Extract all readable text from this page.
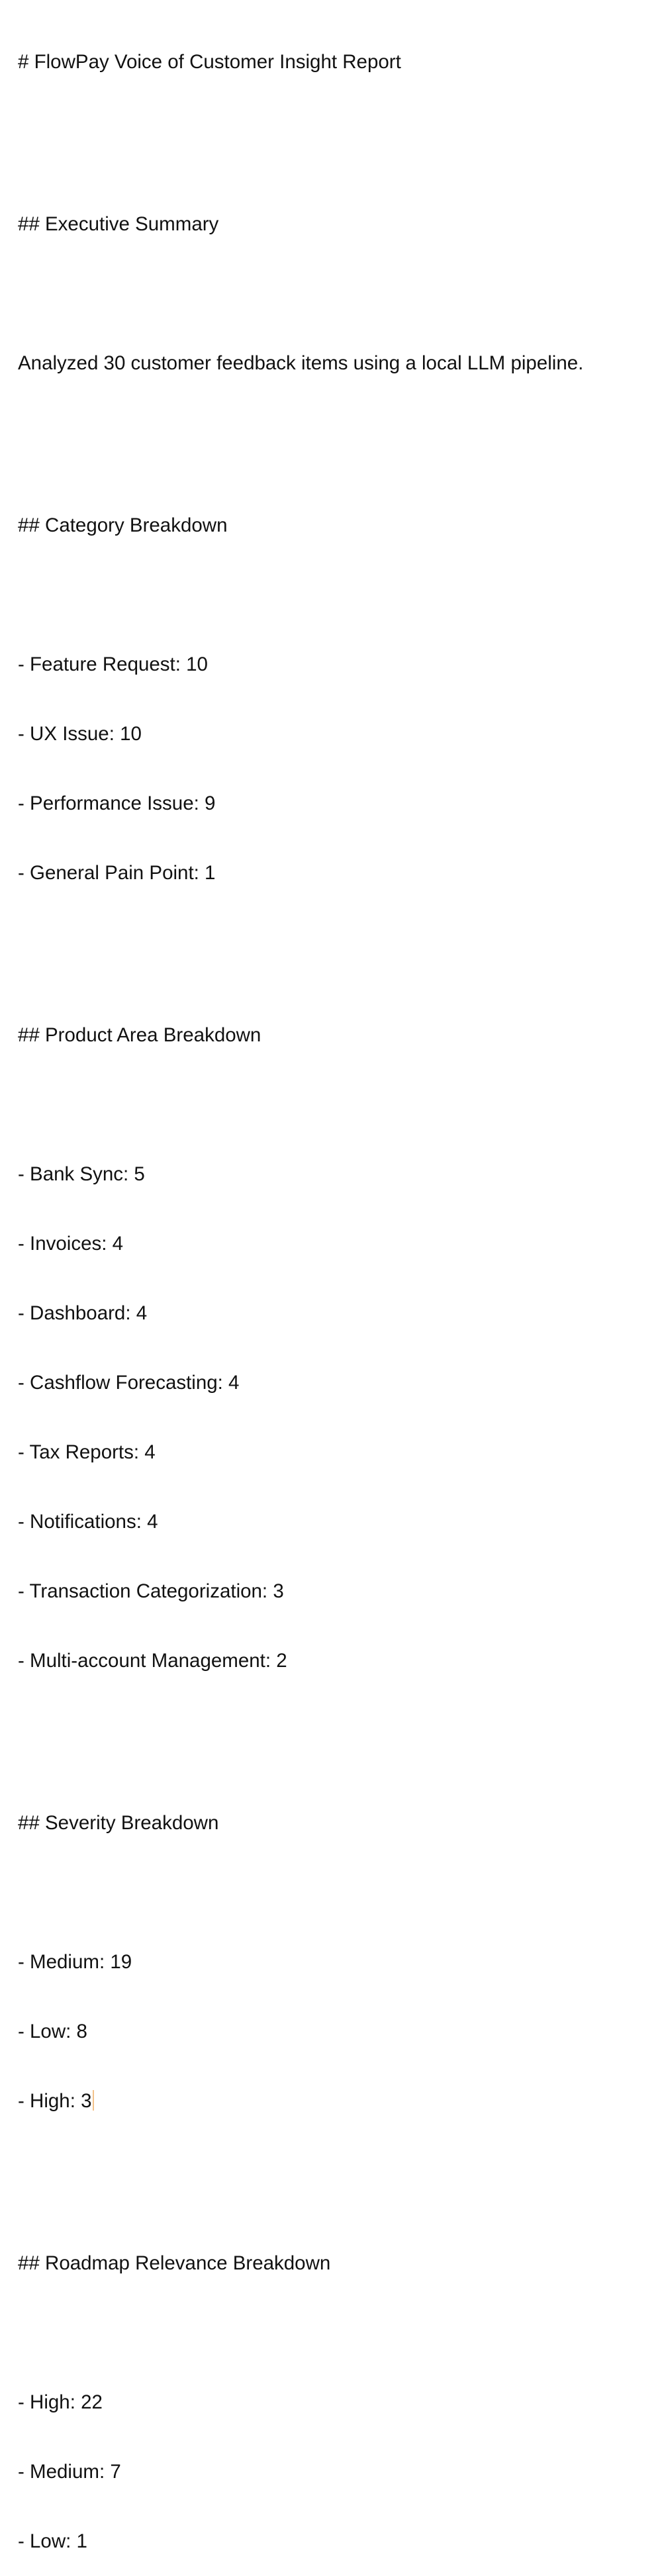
# FlowPay Voice of Customer Insight Report

## Executive Summary

Analyzed 30 customer feedback items using a local LLM pipeline.

## Category Breakdown

- Feature Request: 10

- UX Issue: 10

- Performance Issue: 9

- General Pain Point: 1

## Product Area Breakdown

- Bank Sync: 5

- Invoices: 4

- Dashboard: 4

- Cashflow Forecasting: 4

- Tax Reports: 4

- Notifications: 4

- Transaction Categorization: 3

- Multi-account Management: 2

## Severity Breakdown

- Medium: 19

- Low: 8

- High: 3

## Roadmap Relevance Breakdown

- High: 22

- Medium: 7

- Low: 1
